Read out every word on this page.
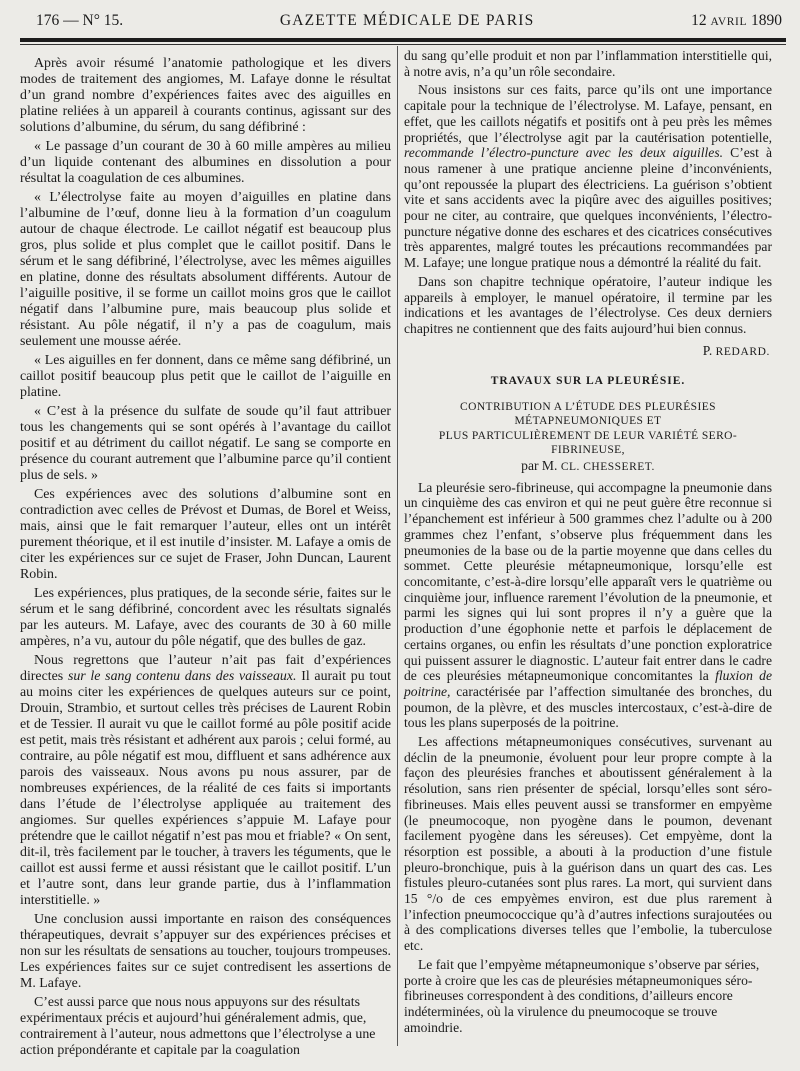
176 — N° 15.	GAZETTE MÉDICALE DE PARIS	12 AVRIL 1890

Après avoir résumé l’anatomie pathologique et les divers modes de traitement des angiomes, M. Lafaye donne le résultat d’un grand nombre d’expériences faites avec des aiguilles en platine reliées à un appareil à courants continus, agissant sur des solutions d’albumine, du sérum, du sang défibriné :

« Le passage d’un courant de 30 à 60 mille ampères au milieu d’un liquide contenant des albumines en dissolution a pour résultat la coagulation de ces albumines.

« L’électrolyse faite au moyen d’aiguilles en platine dans l’albumine de l’œuf, donne lieu à la formation d’un coagulum autour de chaque électrode. Le caillot négatif est beaucoup plus gros, plus solide et plus complet que le caillot positif. Dans le sérum et le sang défibriné, l’électrolyse, avec les mêmes aiguilles en platine, donne des résultats absolument différents. Autour de l’aiguille positive, il se forme un caillot moins gros que le caillot négatif dans l’albumine pure, mais beaucoup plus solide et résistant. Au pôle négatif, il n’y a pas de coagulum, mais seulement une mousse aérée.

« Les aiguilles en fer donnent, dans ce même sang défibriné, un caillot positif beaucoup plus petit que le caillot de l’aiguille en platine.

« C’est à la présence du sulfate de soude qu’il faut attribuer tous les changements qui se sont opérés à l’avantage du caillot positif et au détriment du caillot négatif. Le sang se comporte en présence du courant autrement que l’albumine parce qu’il contient plus de sels. »

Ces expériences avec des solutions d’albumine sont en contradiction avec celles de Prévost et Dumas, de Borel et Weiss, mais, ainsi que le fait remarquer l’auteur, elles ont un intérêt purement théorique, et il est inutile d’insister. M. Lafaye a omis de citer les expériences sur ce sujet de Fraser, John Duncan, Laurent Robin.

Les expériences, plus pratiques, de la seconde série, faites sur le sérum et le sang défibriné, concordent avec les résultats signalés par les auteurs. M. Lafaye, avec des courants de 30 à 60 mille ampères, n’a vu, autour du pôle négatif, que des bulles de gaz.

Nous regrettons que l’auteur n’ait pas fait d’expériences directes sur le sang contenu dans des vaisseaux. Il aurait pu tout au moins citer les expériences de quelques auteurs sur ce point, Drouin, Strambio, et surtout celles très précises de Laurent Robin et de Tessier. Il aurait vu que le caillot formé au pôle positif acide est petit, mais très résistant et adhérent aux parois ; celui formé, au contraire, au pôle négatif est mou, diffluent et sans adhérence aux parois des vaisseaux. Nous avons pu nous assurer, par de nombreuses expériences, de la réalité de ces faits si importants dans l’étude de l’électrolyse appliquée au traitement des angiomes. Sur quelles expériences s’appuie M. Lafaye pour prétendre que le caillot négatif n’est pas mou et friable? « On sent, dit-il, très facilement par le toucher, à travers les téguments, que le caillot est aussi ferme et aussi résistant que le caillot positif. L’un et l’autre sont, dans leur grande partie, dus à l’inflammation interstitielle. »

Une conclusion aussi importante en raison des conséquences thérapeutiques, devrait s’appuyer sur des expériences précises et non sur les résultats de sensations au toucher, toujours trompeuses. Les expériences faites sur ce sujet contredisent les assertions de M. Lafaye.

C’est aussi parce que nous nous appuyons sur des résultats expérimentaux précis et aujourd’hui généralement admis, que, contrairement à l’auteur, nous admettons que l’électrolyse a une action prépondérante et capitale par la coagulation

du sang qu’elle produit et non par l’inflammation interstitielle qui, à notre avis, n’a qu’un rôle secondaire.

Nous insistons sur ces faits, parce qu’ils ont une importance capitale pour la technique de l’électrolyse. M. Lafaye, pensant, en effet, que les caillots négatifs et positifs ont à peu près les mêmes propriétés, que l’électrolyse agit par la cautérisation potentielle, recommande l’électro-puncture avec les deux aiguilles. C’est à nous ramener à une pratique ancienne pleine d’inconvénients, qu’ont repoussée la plupart des électriciens. La guérison s’obtient vite et sans accidents avec la piqûre avec des aiguilles positives; pour ne citer, au contraire, que quelques inconvénients, l’électro-puncture négative donne des eschares et des cicatrices consécutives très apparentes, malgré toutes les précautions recommandées par M. Lafaye; une longue pratique nous a démontré la réalité du fait.

Dans son chapitre technique opératoire, l’auteur indique les appareils à employer, le manuel opératoire, il termine par les indications et les avantages de l’électrolyse. Ces deux derniers chapitres ne contiennent que des faits aujourd’hui bien connus.

P. REDARD.

TRAVAUX SUR LA PLEURÉSIE.

CONTRIBUTION A L’ÉTUDE DES PLEURÉSIES MÉTAPNEUMONIQUES ET

PLUS PARTICULIÈREMENT DE LEUR VARIÉTÉ SERO-FIBRINEUSE,

par M. CL. CHESSERET.

La pleurésie sero-fibrineuse, qui accompagne la pneumonie dans un cinquième des cas environ et qui ne peut guère être reconnue si l’épanchement est inférieur à 500 grammes chez l’adulte ou à 200 grammes chez l’enfant, s’observe plus fréquemment dans les pneumonies de la base ou de la partie moyenne que dans celles du sommet. Cette pleurésie métapneumonique, lorsqu’elle est concomitante, c’est-à-dire lorsqu’elle apparaît vers le quatrième ou cinquième jour, influence rarement l’évolution de la pneumonie, et parmi les signes qui lui sont propres il n’y a guère que la production d’une égophonie nette et parfois le déplacement de certains organes, ou enfin les résultats d’une ponction exploratrice qui puissent assurer le diagnostic. L’auteur fait entrer dans le cadre de ces pleurésies métapneumonique concomitantes la fluxion de poitrine, caractérisée par l’affection simultanée des bronches, du poumon, de la plèvre, et des muscles intercostaux, c’est-à-dire de tous les plans superposés de la poitrine.

Les affections métapneumoniques consécutives, survenant au déclin de la pneumonie, évoluent pour leur propre compte à la façon des pleurésies franches et aboutissent généralement à la résolution, sans rien présenter de spécial, lorsqu’elles sont séro-fibrineuses. Mais elles peuvent aussi se transformer en empyème (le pneumocoque, non pyogène dans le poumon, devenant facilement pyogène dans les séreuses). Cet empyème, dont la résorption est possible, a abouti à la production d’une fistule pleuro-bronchique, puis à la guérison dans un quart des cas. Les fistules pleuro-cutanées sont plus rares. La mort, qui survient dans 15 °/o de ces empyèmes environ, est due plus rarement à l’infection pneumococcique qu’à d’autres infections surajoutées ou à des complications diverses telles que l’embolie, la tuberculose etc.

Le fait que l’empyème métapneumonique s’observe par séries, porte à croire que les cas de pleurésies métapneumoniques séro-fibrineuses correspondent à des conditions, d’ailleurs encore indéterminées, où la virulence du pneumocoque se trouve amoindrie.
